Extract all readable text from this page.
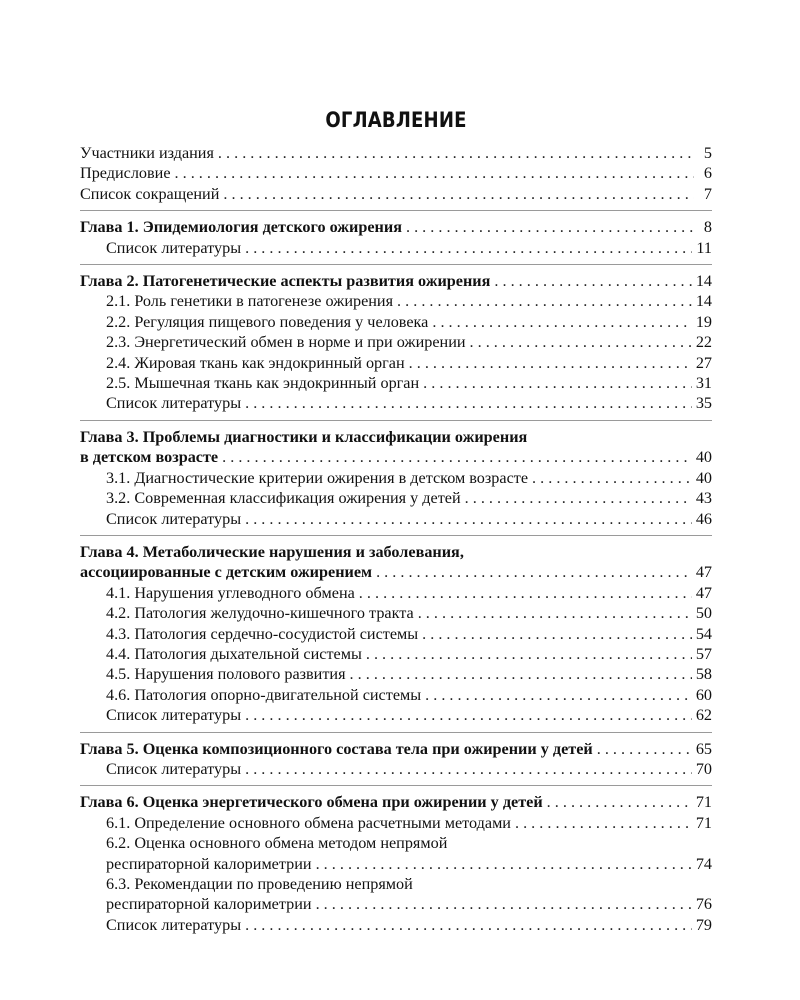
ОГЛАВЛЕНИЕ
Участники издания . . .	5
Предисловие . . .	6
Список сокращений . . .	7
Глава 1. Эпидемиология детского ожирения . . .	8
Список литературы . . .	11
Глава 2. Патогенетические аспекты развития ожирения . . .	14
2.1. Роль генетики в патогенезе ожирения . . .	14
2.2. Регуляция пищевого поведения у человека . . .	19
2.3. Энергетический обмен в норме и при ожирении . . .	22
2.4. Жировая ткань как эндокринный орган . . .	27
2.5. Мышечная ткань как эндокринный орган . . .	31
Список литературы . . .	35
Глава 3. Проблемы диагностики и классификации ожирения
в детском возрасте . . .	40
3.1. Диагностические критерии ожирения в детском возрасте . . .	40
3.2. Современная классификация ожирения у детей . . .	43
Список литературы . . .	46
Глава 4. Метаболические нарушения и заболевания,
ассоциированные с детским ожирением . . .	47
4.1. Нарушения углеводного обмена . . .	47
4.2. Патология желудочно-кишечного тракта . . .	50
4.3. Патология сердечно-сосудистой системы . . .	54
4.4. Патология дыхательной системы . . .	57
4.5. Нарушения полового развития . . .	58
4.6. Патология опорно-двигательной системы . . .	60
Список литературы . . .	62
Глава 5. Оценка композиционного состава тела при ожирении у детей . . .	65
Список литературы . . .	70
Глава 6. Оценка энергетического обмена при ожирении у детей . . .	71
6.1. Определение основного обмена расчетными методами . . .	71
6.2. Оценка основного обмена методом непрямой
респираторной калориметрии . . .	74
6.3. Рекомендации по проведению непрямой
респираторной калориметрии . . .	76
Список литературы . . .	79
